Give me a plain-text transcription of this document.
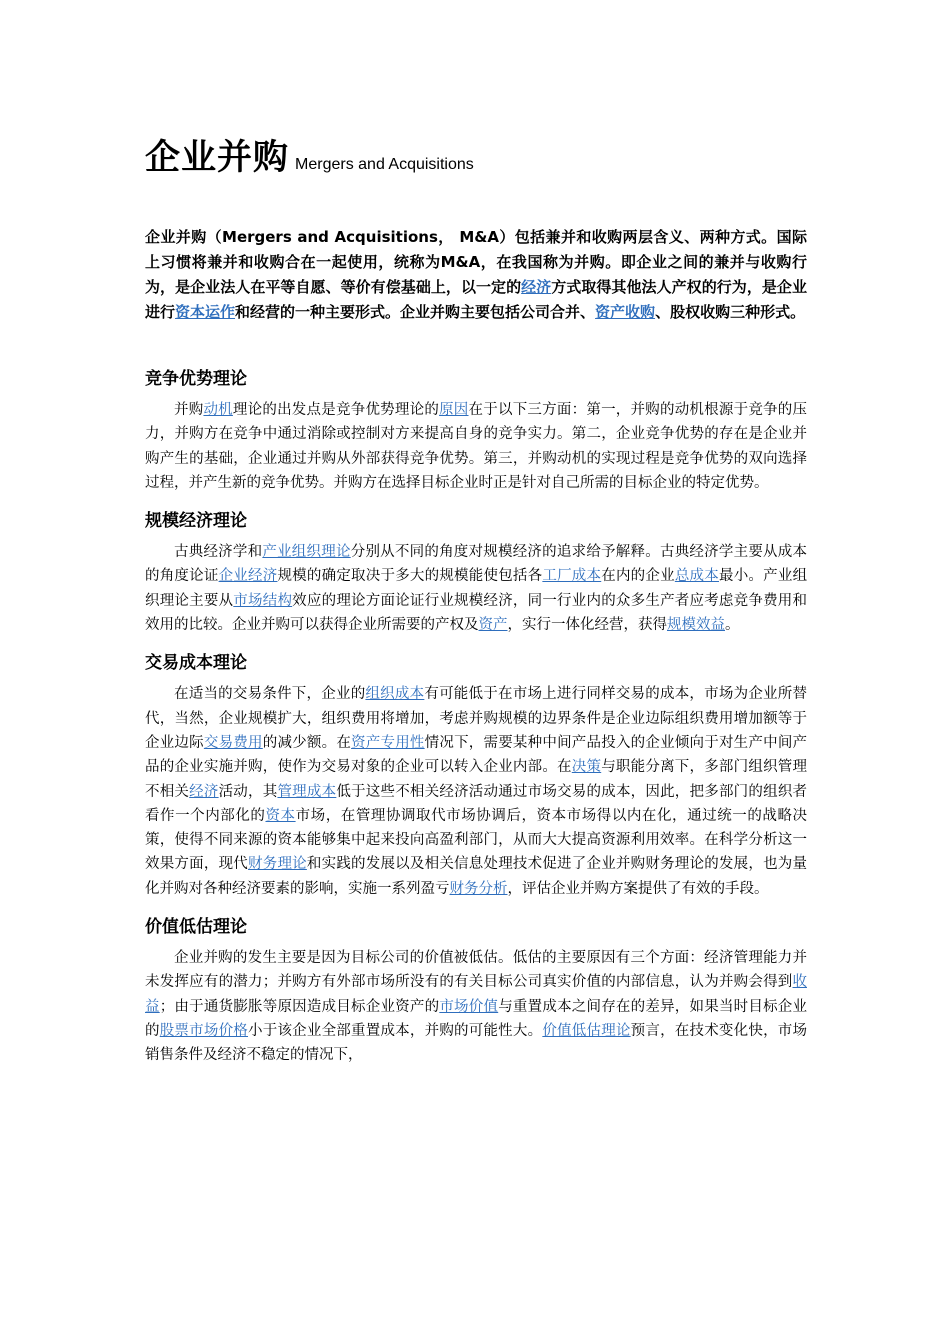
企业并购 Mergers and Acquisitions

企业并购（Mergers and Acquisitions， M&A）包括兼并和收购两层含义、两种方式。国际上习惯将兼并和收购合在一起使用，统称为M&A，在我国称为并购。即企业之间的兼并与收购行为，是企业法人在平等自愿、等价有偿基础上，以一定的经济方式取得其他法人产权的行为，是企业进行资本运作和经营的一种主要形式。企业并购主要包括公司合并、资产收购、股权收购三种形式。

竞争优势理论

并购动机理论的出发点是竞争优势理论的原因在于以下三方面：第一，并购的动机根源于竞争的压力，并购方在竞争中通过消除或控制对方来提高自身的竞争实力。第二，企业竞争优势的存在是企业并购产生的基础，企业通过并购从外部获得竞争优势。第三，并购动机的实现过程是竞争优势的双向选择过程，并产生新的竞争优势。并购方在选择目标企业时正是针对自己所需的目标企业的特定优势。

规模经济理论

古典经济学和产业组织理论分别从不同的角度对规模经济的追求给予解释。古典经济学主要从成本的角度论证企业经济规模的确定取决于多大的规模能使包括各工厂成本在内的企业总成本最小。产业组织理论主要从市场结构效应的理论方面论证行业规模经济，同一行业内的众多生产者应考虑竞争费用和效用的比较。企业并购可以获得企业所需要的产权及资产，实行一体化经营，获得规模效益。

交易成本理论

在适当的交易条件下，企业的组织成本有可能低于在市场上进行同样交易的成本，市场为企业所替代，当然，企业规模扩大，组织费用将增加，考虑并购规模的边界条件是企业边际组织费用增加额等于企业边际交易费用的减少额。在资产专用性情况下，需要某种中间产品投入的企业倾向于对生产中间产品的企业实施并购，使作为交易对象的企业可以转入企业内部。在决策与职能分离下，多部门组织管理不相关经济活动，其管理成本低于这些不相关经济活动通过市场交易的成本，因此，把多部门的组织者看作一个内部化的资本市场，在管理协调取代市场协调后，资本市场得以内在化，通过统一的战略决策，使得不同来源的资本能够集中起来投向高盈利部门，从而大大提高资源利用效率。在科学分析这一效果方面，现代财务理论和实践的发展以及相关信息处理技术促进了企业并购财务理论的发展，也为量化并购对各种经济要素的影响，实施一系列盈亏财务分析，评估企业并购方案提供了有效的手段。

价值低估理论

企业并购的发生主要是因为目标公司的价值被低估。低估的主要原因有三个方面：经济管理能力并未发挥应有的潜力；并购方有外部市场所没有的有关目标公司真实价值的内部信息，认为并购会得到收益；由于通货膨胀等原因造成目标企业资产的市场价值与重置成本之间存在的差异，如果当时目标企业的股票市场价格小于该企业全部重置成本，并购的可能性大。价值低估理论预言，在技术变化快，市场销售条件及经济不稳定的情况下，
